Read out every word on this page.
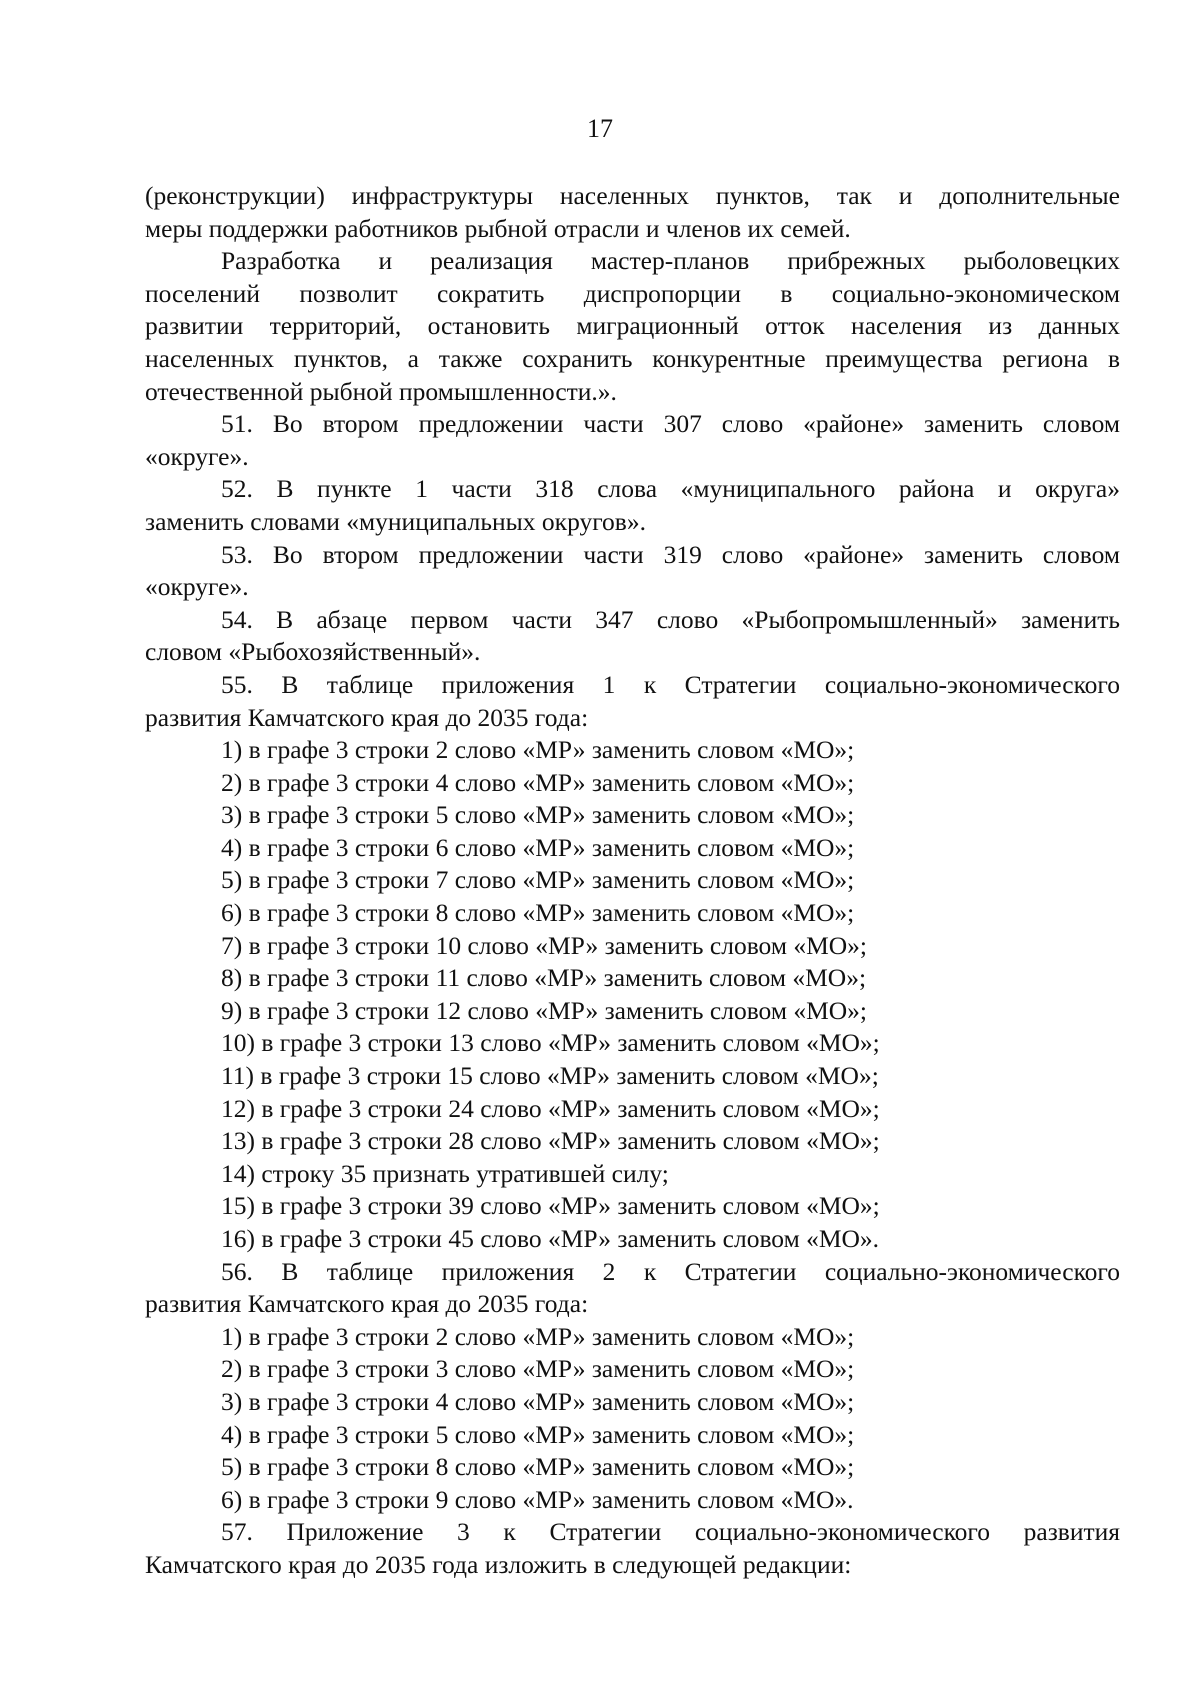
17
(реконструкции) инфраструктуры населенных пунктов, так и дополнительные
меры поддержки работников рыбной отрасли и членов их семей.
Разработка и реализация мастер-планов прибрежных рыболовецких
поселений позволит сократить диспропорции в социально-экономическом
развитии территорий, остановить миграционный отток населения из данных
населенных пунктов, а также сохранить конкурентные преимущества региона в
отечественной рыбной промышленности.».
51. Во втором предложении части 307 слово «районе» заменить словом
«округе».
52. В пункте 1 части 318 слова «муниципального района и округа»
заменить словами «муниципальных округов».
53. Во втором предложении части 319 слово «районе» заменить словом
«округе».
54. В абзаце первом части 347 слово «Рыбопромышленный» заменить
словом «Рыбохозяйственный».
55. В таблице приложения 1 к Стратегии социально-экономического
развития Камчатского края до 2035 года:
1) в графе 3 строки 2 слово «МР» заменить словом «МО»;
2) в графе 3 строки 4 слово «МР» заменить словом «МО»;
3) в графе 3 строки 5 слово «МР» заменить словом «МО»;
4) в графе 3 строки 6 слово «МР» заменить словом «МО»;
5) в графе 3 строки 7 слово «МР» заменить словом «МО»;
6) в графе 3 строки 8 слово «МР» заменить словом «МО»;
7) в графе 3 строки 10 слово «МР» заменить словом «МО»;
8) в графе 3 строки 11 слово «МР» заменить словом «МО»;
9) в графе 3 строки 12 слово «МР» заменить словом «МО»;
10) в графе 3 строки 13 слово «МР» заменить словом «МО»;
11) в графе 3 строки 15 слово «МР» заменить словом «МО»;
12) в графе 3 строки 24 слово «МР» заменить словом «МО»;
13) в графе 3 строки 28 слово «МР» заменить словом «МО»;
14) строку 35 признать утратившей силу;
15) в графе 3 строки 39 слово «МР» заменить словом «МО»;
16) в графе 3 строки 45 слово «МР» заменить словом «МО».
56. В таблице приложения 2 к Стратегии социально-экономического
развития Камчатского края до 2035 года:
1) в графе 3 строки 2 слово «МР» заменить словом «МО»;
2) в графе 3 строки 3 слово «МР» заменить словом «МО»;
3) в графе 3 строки 4 слово «МР» заменить словом «МО»;
4) в графе 3 строки 5 слово «МР» заменить словом «МО»;
5) в графе 3 строки 8 слово «МР» заменить словом «МО»;
6) в графе 3 строки 9 слово «МР» заменить словом «МО».
57. Приложение 3 к Стратегии социально-экономического развития
Камчатского края до 2035 года изложить в следующей редакции:
